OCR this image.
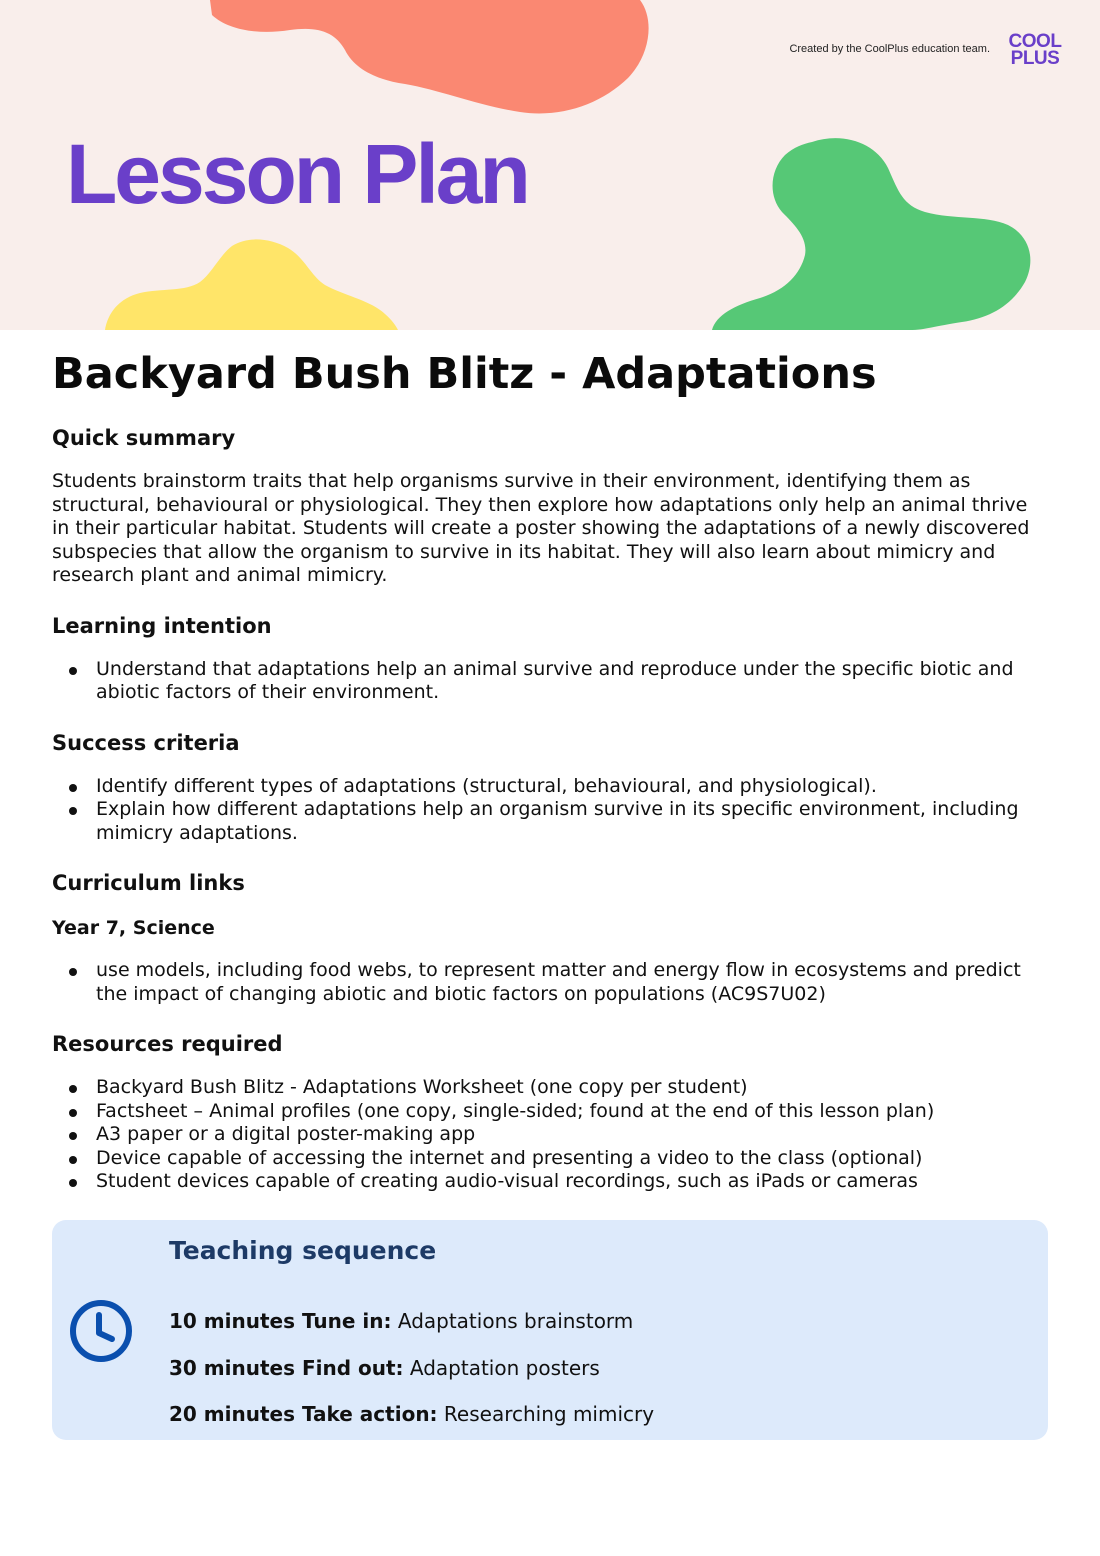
Created by the CoolPlus education team. COOL
PLUS
Lesson Plan
Backyard Bush Blitz - Adaptations
Quick summary

Students brainstorm traits that help organisms survive in their environment, identifying them as structural, behavioural or physiological. They then explore how adaptations only help an animal thrive in their particular habitat. Students will create a poster showing the adaptations of a newly discovered subspecies that allow the organism to survive in its habitat. They will also learn about mimicry and research plant and animal mimicry.

Learning intention
Understand that adaptations help an animal survive and reproduce under the specific biotic and abiotic factors of their environment.
Success criteria
Identify different types of adaptations (structural, behavioural, and physiological).
Explain how different adaptations help an organism survive in its specific environment, including mimicry adaptations.
Curriculum links
Year 7, Science
use models, including food webs, to represent matter and energy flow in ecosystems and predict the impact of changing abiotic and biotic factors on populations (AC9S7U02)
Resources required
Backyard Bush Blitz - Adaptations Worksheet (one copy per student)
Factsheet – Animal profiles (one copy, single-sided; found at the end of this lesson plan)
A3 paper or a digital poster-making app
Device capable of accessing the internet and presenting a video to the class (optional)
Student devices capable of creating audio-visual recordings, such as iPads or cameras
Teaching sequence
10 minutes Tune in: Adaptations brainstorm
30 minutes Find out: Adaptation posters
20 minutes Take action: Researching mimicry
